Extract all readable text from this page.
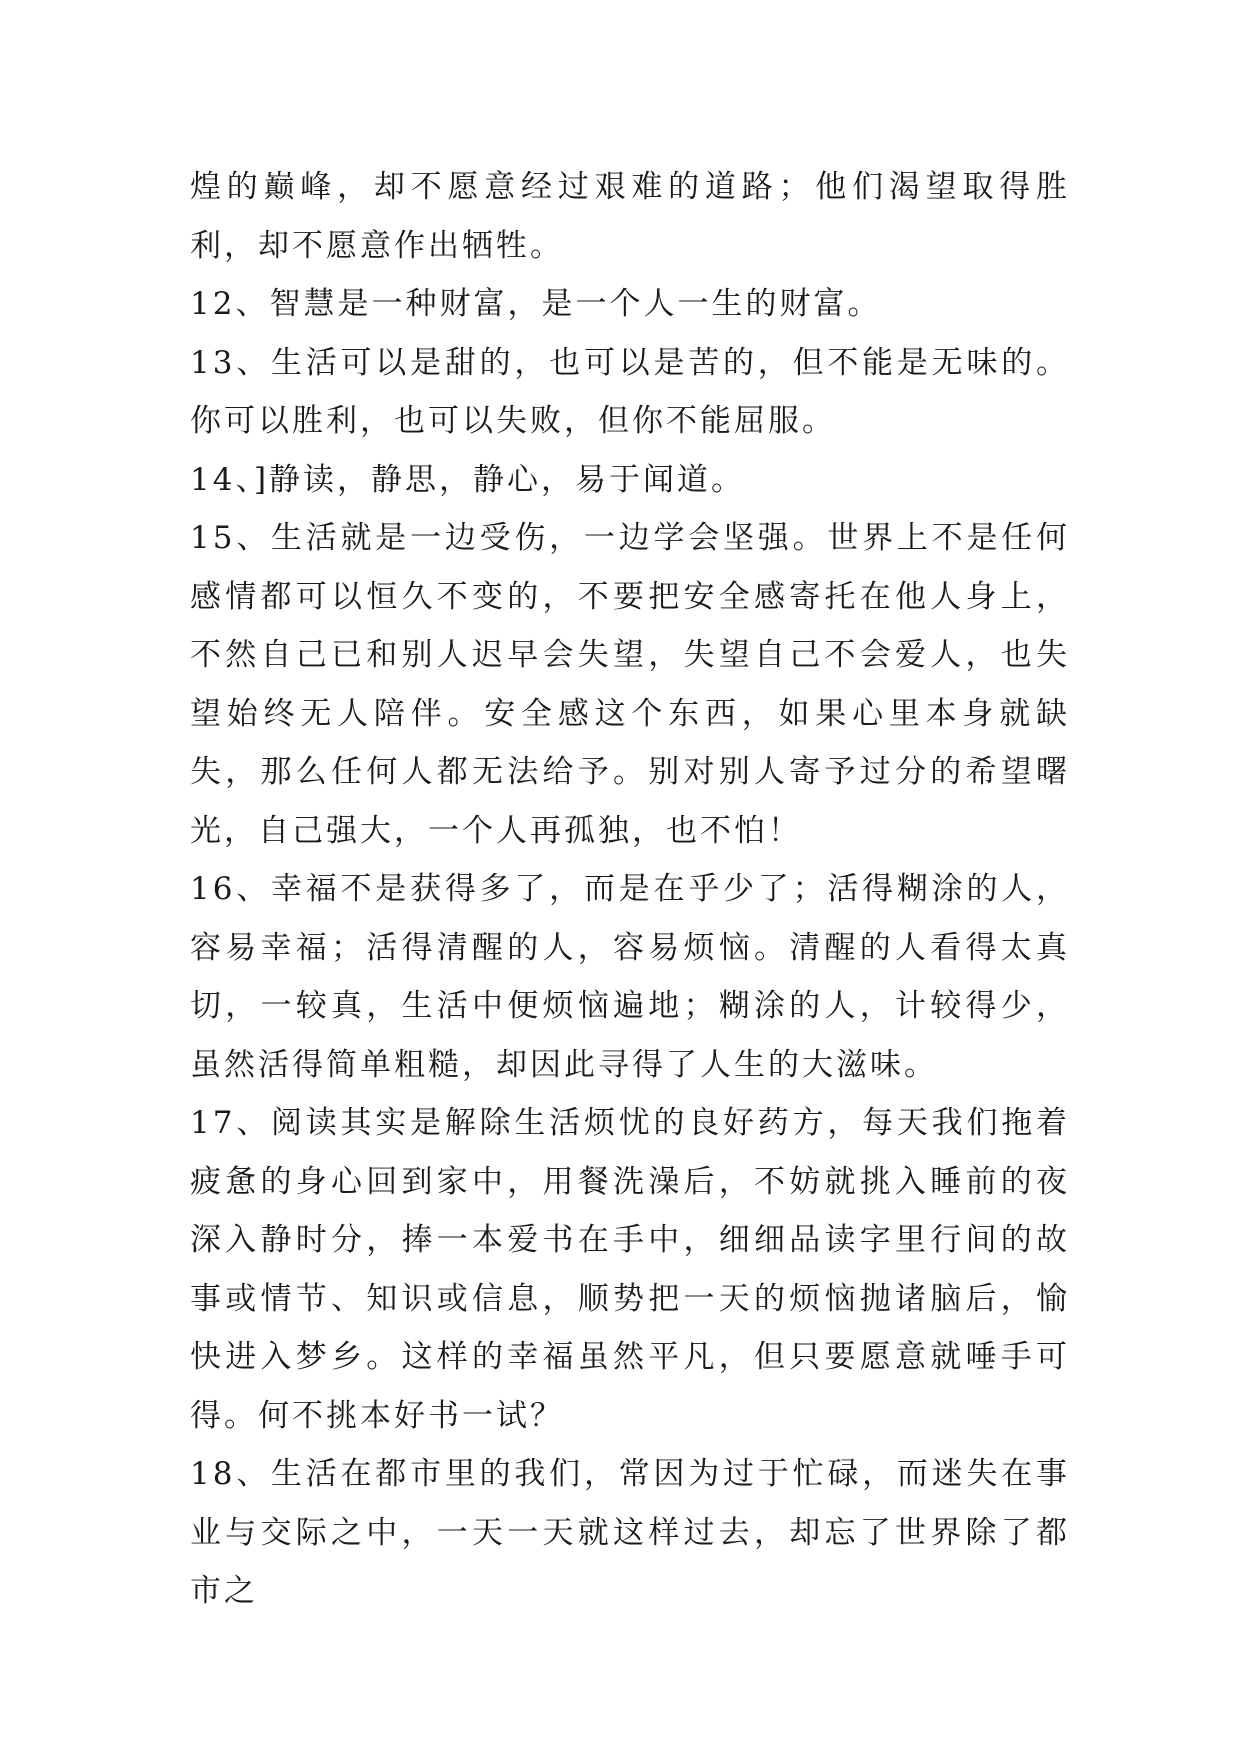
煌的巅峰，却不愿意经过艰难的道路；他们渴望取得胜利，却不愿意作出牺牲。

12、智慧是一种财富，是一个人一生的财富。

13、生活可以是甜的，也可以是苦的，但不能是无味的。你可以胜利，也可以失败，但你不能屈服。

14、]静读，静思，静心，易于闻道。

15、生活就是一边受伤，一边学会坚强。世界上不是任何感情都可以恒久不变的，不要把安全感寄托在他人身上，不然自己已和别人迟早会失望，失望自己不会爱人，也失望始终无人陪伴。安全感这个东西，如果心里本身就缺失，那么任何人都无法给予。别对别人寄予过分的希望曙光，自己强大，一个人再孤独，也不怕！

16、幸福不是获得多了，而是在乎少了；活得糊涂的人，容易幸福；活得清醒的人，容易烦恼。清醒的人看得太真切，一较真，生活中便烦恼遍地；糊涂的人，计较得少，虽然活得简单粗糙，却因此寻得了人生的大滋味。

17、阅读其实是解除生活烦忧的良好药方，每天我们拖着疲惫的身心回到家中，用餐洗澡后，不妨就挑入睡前的夜深入静时分，捧一本爱书在手中，细细品读字里行间的故事或情节、知识或信息，顺势把一天的烦恼抛诸脑后，愉快进入梦乡。这样的幸福虽然平凡，但只要愿意就唾手可得。何不挑本好书一试？

18、生活在都市里的我们，常因为过于忙碌，而迷失在事业与交际之中，一天一天就这样过去，却忘了世界除了都市之
